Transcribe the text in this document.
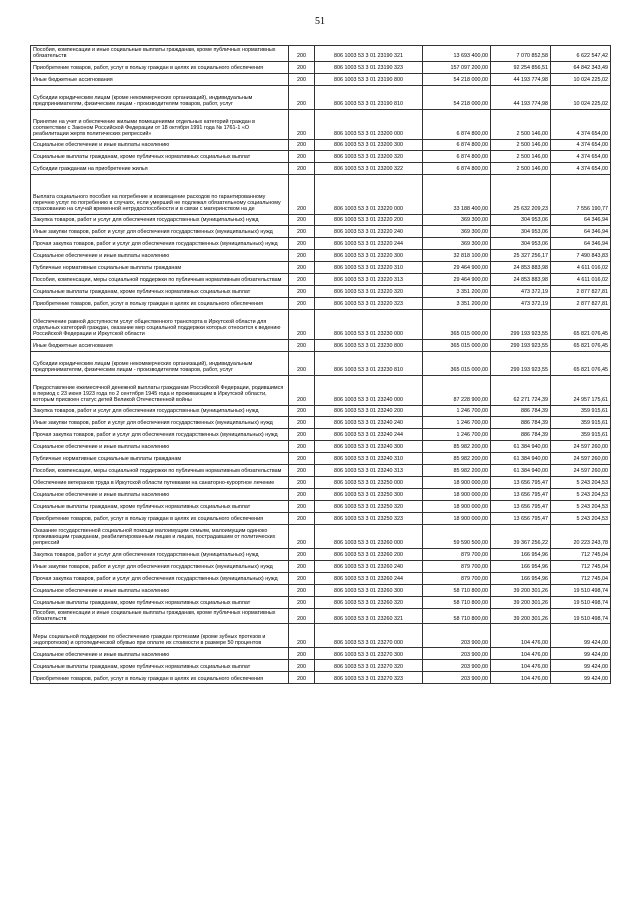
51
Пособия, компенсации и иные социальные выплаты гражданам, кроме публичных нормативных обязательств	200	806 1003 53 3 01 23190 321	13 693 400,00	7 070 852,58	6 622 547,42
Приобретение товаров, работ, услуг в пользу граждан в целях их социального обеспечения	200	806 1003 53 3 01 23190 323	157 097 200,00	92 254 856,51	64 842 343,49
Иные бюджетные ассигнования	200	806 1003 53 3 01 23190 800	54 218 000,00	44 193 774,98	10 024 225,02
Субсидии юридическим лицам (кроме некоммерческих организаций), индивидуальным предпринимателям, физическим лицам - производителям товаров, работ, услуг	200	806 1003 53 3 01 23190 810	54 218 000,00	44 193 774,98	10 024 225,02
Принятие на учет и обеспечение жилыми помещениями отдельных категорий граждан в соответствии с Законом Российской Федерации от 18 октября 1991 года № 1761-1 «О реабилитации жертв политических репрессий»	200	806 1003 53 3 01 23200 000	6 874 800,00	2 500 146,00	4 374 654,00
Социальное обеспечение и иные выплаты населению	200	806 1003 53 3 01 23200 300	6 874 800,00	2 500 146,00	4 374 654,00
Социальные выплаты гражданам, кроме публичных нормативных социальных выплат	200	806 1003 53 3 01 23200 320	6 874 800,00	2 500 146,00	4 374 654,00
Субсидии гражданам на приобретение жилья	200	806 1003 53 3 01 23200 322	6 874 800,00	2 500 146,00	4 374 654,00
Выплата социального пособия на погребение и возмещение расходов по гарантированному перечню услуг по погребению в случаях, если умерший не подлежал обязательному социальному страхованию на случай временной нетрудоспособности и в связи с материнством на де	200	806 1003 53 3 01 23220 000	33 188 400,00	25 632 209,23	7 556 190,77
Закупка товаров, работ и услуг для обеспечения государственных (муниципальных) нужд	200	806 1003 53 3 01 23220 200	369 300,00	304 953,06	64 346,94
Иные закупки товаров, работ и услуг для обеспечения государственных (муниципальных) нужд	200	806 1003 53 3 01 23220 240	369 300,00	304 953,06	64 346,94
Прочая закупка товаров, работ и услуг для обеспечения государственных (муниципальных) нужд	200	806 1003 53 3 01 23220 244	369 300,00	304 953,06	64 346,94
Социальное обеспечение и иные выплаты населению	200	806 1003 53 3 01 23220 300	32 818 100,00	25 327 256,17	7 490 843,83
Публичные нормативные социальные выплаты гражданам	200	806 1003 53 3 01 23220 310	29 464 900,00	24 853 883,98	4 611 016,02
Пособия, компенсации, меры социальной поддержки по публичным нормативным обязательствам	200	806 1003 53 3 01 23220 313	29 464 900,00	24 853 883,98	4 611 016,02
Социальные выплаты гражданам, кроме публичных нормативных социальных выплат	200	806 1003 53 3 01 23220 320	3 351 200,00	473 372,19	2 877 827,81
Приобретение товаров, работ, услуг в пользу граждан в целях их социального обеспечения	200	806 1003 53 3 01 23220 323	3 351 200,00	473 372,19	2 877 827,81
Обеспечение равной доступности услуг общественного транспорта в Иркутской области для отдельных категорий граждан, оказание мер социальной поддержки которых относится к ведению Российской Федерации и Иркутской области	200	806 1003 53 3 01 23230 000	365 015 000,00	299 193 923,55	65 821 076,45
Иные бюджетные ассигнования	200	806 1003 53 3 01 23230 800	365 015 000,00	299 193 923,55	65 821 076,45
Субсидии юридическим лицам (кроме некоммерческих организаций), индивидуальным предпринимателям, физическим лицам - производителям товаров, работ, услуг	200	806 1003 53 3 01 23230 810	365 015 000,00	299 193 923,55	65 821 076,45
Предоставление ежемесячной денежной выплаты гражданам Российской Федерации, родившимся в период с 23 июня 1923 года по 2 сентября 1945 года и проживающим в Иркутской области, которым присвоен статус детей Великой Отечественной войны	200	806 1003 53 3 01 23240 000	87 228 900,00	62 271 724,39	24 957 175,61
Закупка товаров, работ и услуг для обеспечения государственных (муниципальных) нужд	200	806 1003 53 3 01 23240 200	1 246 700,00	886 784,39	359 915,61
Иные закупки товаров, работ и услуг для обеспечения государственных (муниципальных) нужд	200	806 1003 53 3 01 23240 240	1 246 700,00	886 784,39	359 915,61
Прочая закупка товаров, работ и услуг для обеспечения государственных (муниципальных) нужд	200	806 1003 53 3 01 23240 244	1 246 700,00	886 784,39	359 915,61
Социальное обеспечение и иные выплаты населению	200	806 1003 53 3 01 23240 300	85 982 200,00	61 384 940,00	24 597 260,00
Публичные нормативные социальные выплаты гражданам	200	806 1003 53 3 01 23240 310	85 982 200,00	61 384 940,00	24 597 260,00
Пособия, компенсации, меры социальной поддержки по публичным нормативным обязательствам	200	806 1003 53 3 01 23240 313	85 982 200,00	61 384 940,00	24 597 260,00
Обеспечение ветеранов труда в Иркутской области путевками на санаторно-курортное лечение	200	806 1003 53 3 01 23250 000	18 900 000,00	13 656 795,47	5 243 204,53
Социальное обеспечение и иные выплаты населению	200	806 1003 53 3 01 23250 300	18 900 000,00	13 656 795,47	5 243 204,53
Социальные выплаты гражданам, кроме публичных нормативных социальных выплат	200	806 1003 53 3 01 23250 320	18 900 000,00	13 656 795,47	5 243 204,53
Приобретение товаров, работ, услуг в пользу граждан в целях их социального обеспечения	200	806 1003 53 3 01 23250 323	18 900 000,00	13 656 795,47	5 243 204,53
Оказание государственной социальной помощи малоимущим семьям, малоимущим одиноко проживающим гражданам, реабилитированным лицам и лицам, пострадавшим от политических репрессий	200	806 1003 53 3 01 23260 000	59 590 500,00	39 367 256,22	20 223 243,78
Закупка товаров, работ и услуг для обеспечения государственных (муниципальных) нужд	200	806 1003 53 3 01 23260 200	879 700,00	166 954,96	712 745,04
Иные закупки товаров, работ и услуг для обеспечения государственных (муниципальных) нужд	200	806 1003 53 3 01 23260 240	879 700,00	166 954,96	712 745,04
Прочая закупка товаров, работ и услуг для обеспечения государственных (муниципальных) нужд	200	806 1003 53 3 01 23260 244	879 700,00	166 954,96	712 745,04
Социальное обеспечение и иные выплаты населению	200	806 1003 53 3 01 23260 300	58 710 800,00	39 200 301,26	19 510 498,74
Социальные выплаты гражданам, кроме публичных нормативных социальных выплат	200	806 1003 53 3 01 23260 320	58 710 800,00	39 200 301,26	19 510 498,74
Пособия, компенсации и иные социальные выплаты гражданам, кроме публичных нормативных обязательств	200	806 1003 53 3 01 23260 321	58 710 800,00	39 200 301,26	19 510 498,74
Меры социальной поддержки по обеспечению граждан протезами (кроме зубных протезов и эндопротезов) и ортопедической обувью при оплате их стоимости в размере 50 процентов	200	806 1003 53 3 01 23270 000	203 900,00	104 476,00	99 424,00
Социальное обеспечение и иные выплаты населению	200	806 1003 53 3 01 23270 300	203 900,00	104 476,00	99 424,00
Социальные выплаты гражданам, кроме публичных нормативных социальных выплат	200	806 1003 53 3 01 23270 320	203 900,00	104 476,00	99 424,00
Приобретение товаров, работ, услуг в пользу граждан в целях их социального обеспечения	200	806 1003 53 3 01 23270 323	203 900,00	104 476,00	99 424,00
